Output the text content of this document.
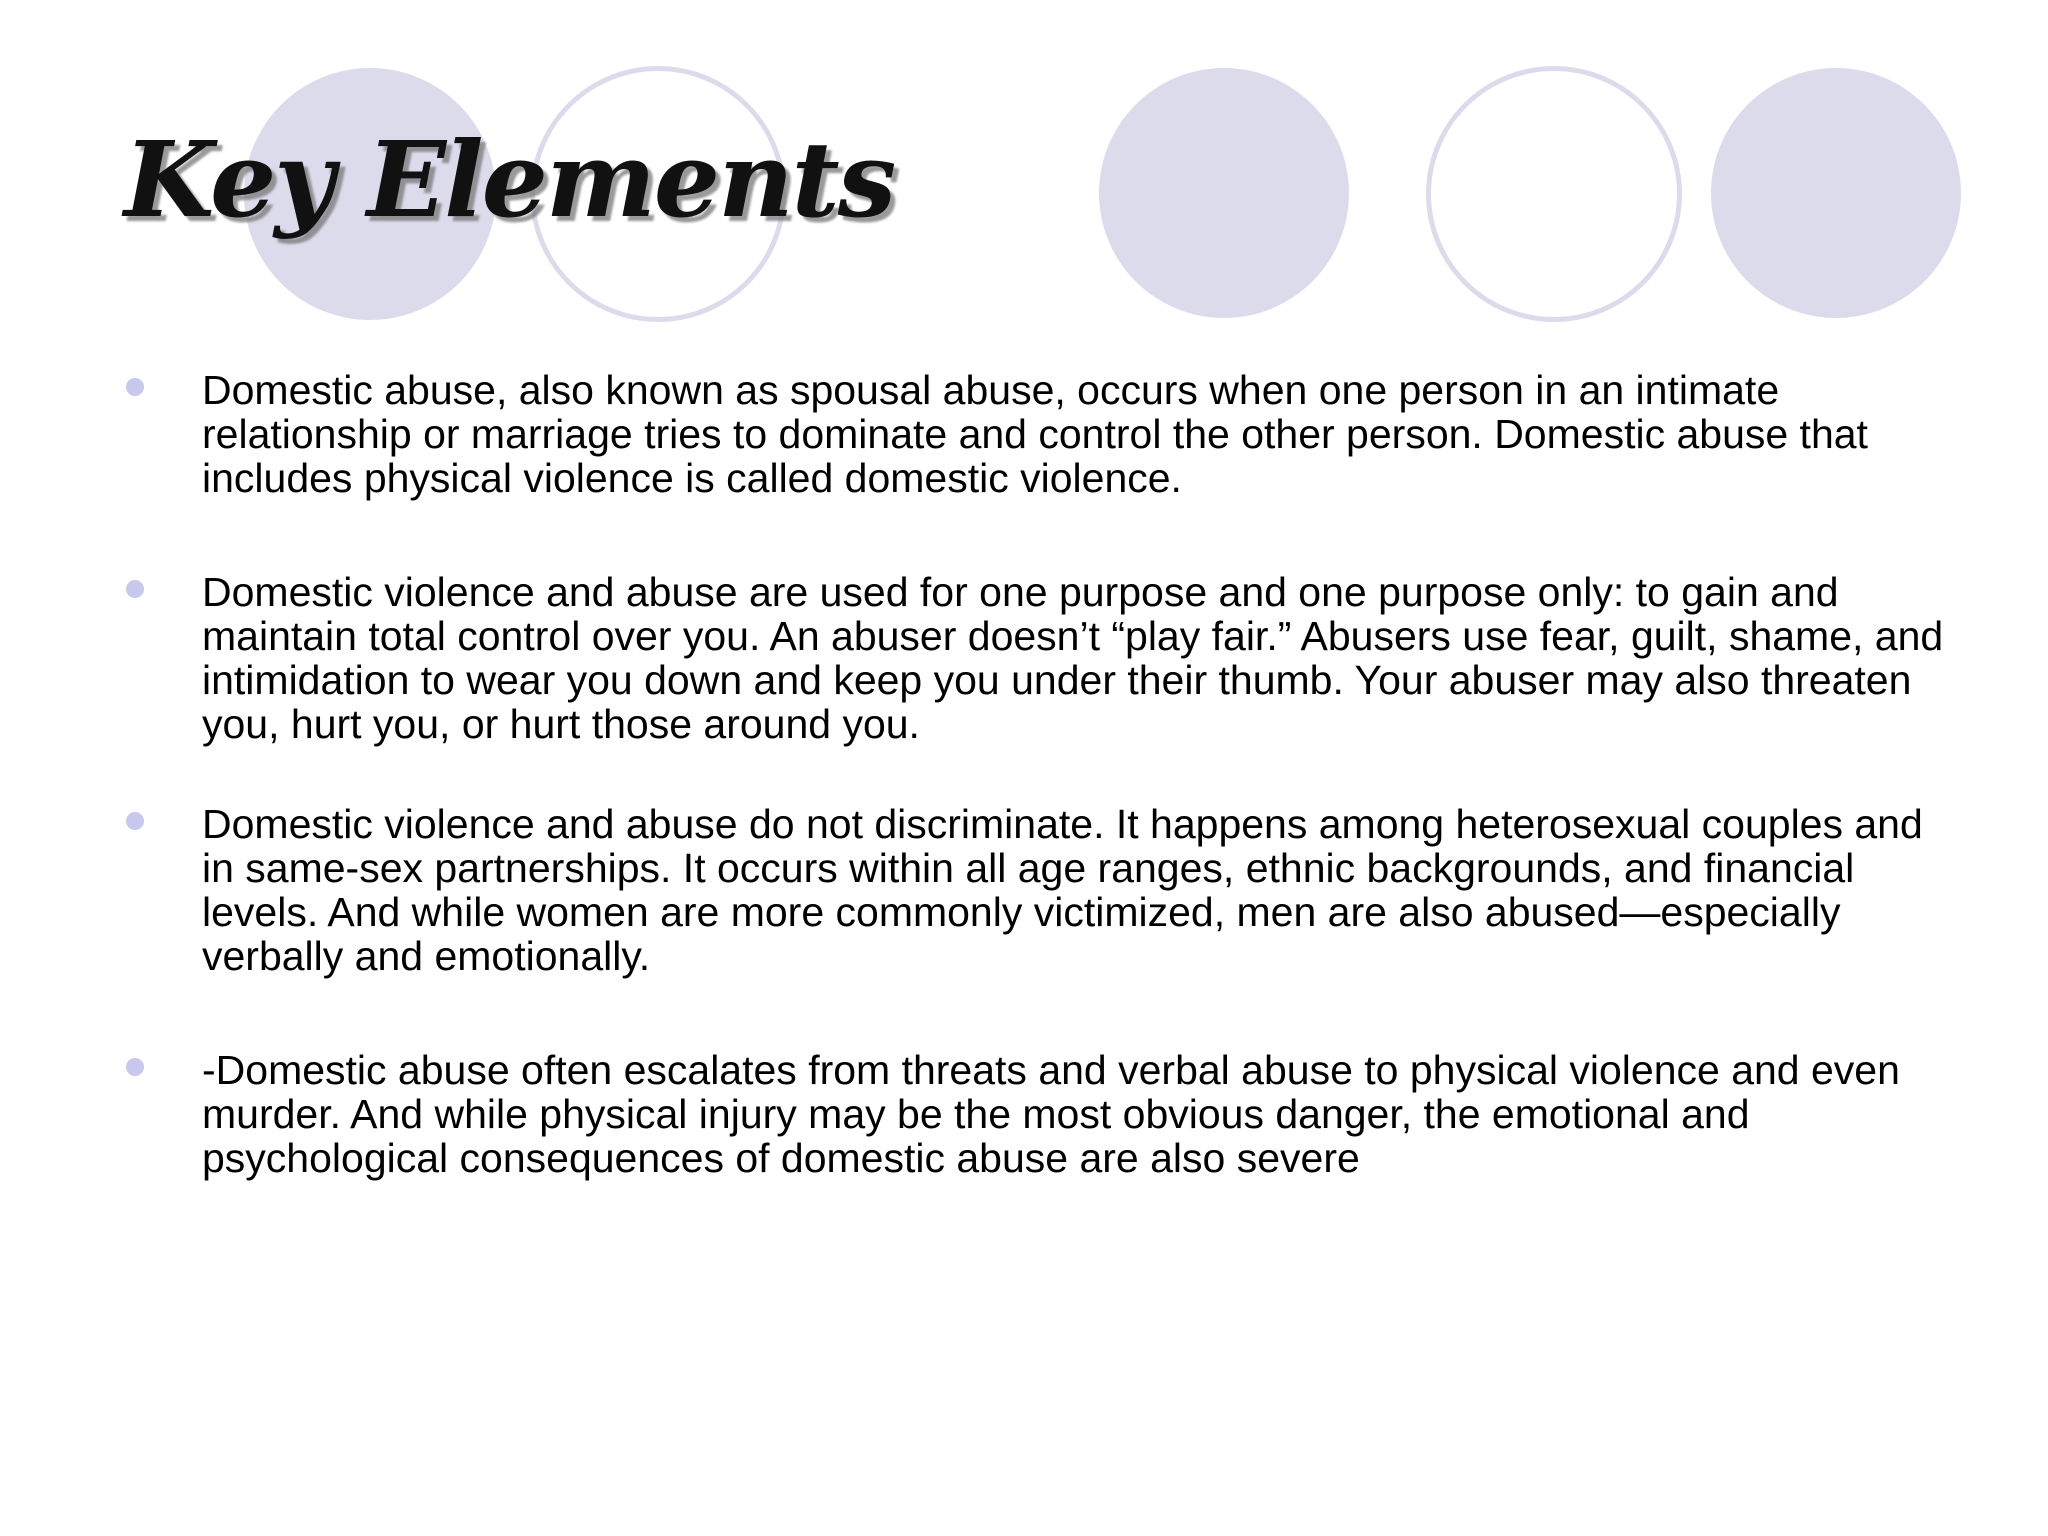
Key Elements
Domestic abuse, also known as spousal abuse, occurs when one person in an intimate relationship or marriage tries to dominate and control the other person. Domestic abuse that includes physical violence is called domestic violence.
Domestic violence and abuse are used for one purpose and one purpose only: to gain and maintain total control over you. An abuser doesn’t “play fair.” Abusers use fear, guilt, shame, and intimidation to wear you down and keep you under their thumb. Your abuser may also threaten you, hurt you, or hurt those around you.
Domestic violence and abuse do not discriminate. It happens among heterosexual couples and in same-sex partnerships. It occurs within all age ranges, ethnic backgrounds, and financial levels. And while women are more commonly victimized, men are also abused—especially verbally and emotionally.
-Domestic abuse often escalates from threats and verbal abuse to physical violence and even murder. And while physical injury may be the most obvious danger, the emotional and psychological consequences of domestic abuse are also severe
